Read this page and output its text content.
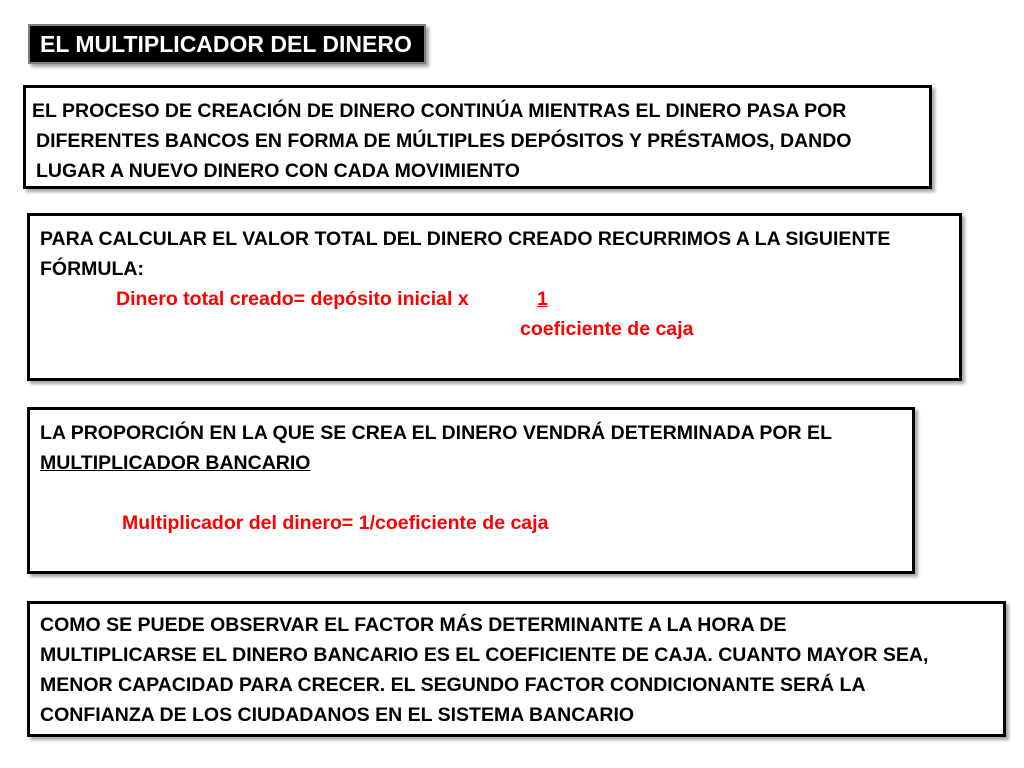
EL MULTIPLICADOR DEL DINERO

EL PROCESO DE CREACIÓN DE DINERO CONTINÚA MIENTRAS EL DINERO PASA POR
DIFERENTES BANCOS EN FORMA DE MÚLTIPLES DEPÓSITOS Y PRÉSTAMOS, DANDO
LUGAR A NUEVO DINERO CON CADA MOVIMIENTO

PARA CALCULAR EL VALOR TOTAL DEL DINERO CREADO RECURRIMOS A LA SIGUIENTE
FÓRMULA:
Dinero total creado= depósito inicial x	1
coeficiente de caja

LA PROPORCIÓN EN LA QUE SE CREA EL DINERO VENDRÁ DETERMINADA POR EL
MULTIPLICADOR BANCARIO
Multiplicador del dinero= 1/coeficiente de caja

COMO SE PUEDE OBSERVAR EL FACTOR MÁS DETERMINANTE A LA HORA DE
MULTIPLICARSE EL DINERO BANCARIO ES EL COEFICIENTE DE CAJA. CUANTO MAYOR SEA,
MENOR CAPACIDAD PARA CRECER. EL SEGUNDO FACTOR CONDICIONANTE SERÁ LA
CONFIANZA DE LOS CIUDADANOS EN EL SISTEMA BANCARIO
